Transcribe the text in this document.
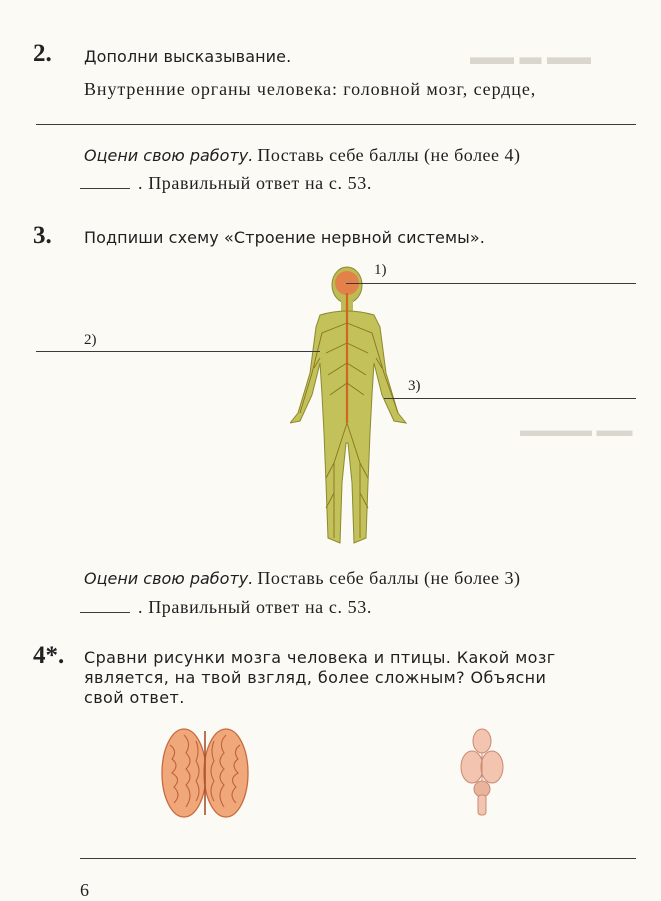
▬▬ ▬ ▬▬
▬▬▬▬ ▬▬
2. Дополни высказывание.
Внутренние органы человека: головной мозг, сердце,
Оцени свою работу. Поставь себе баллы (не более 4)
. Правильный ответ на с. 53.
3. Подпиши схему «Строение нервной системы».
1)
2)
3)
Оцени свою работу. Поставь себе баллы (не более 3)
. Правильный ответ на с. 53.
4*. Сравни рисунки мозга человека и птицы. Какой мозг
является, на твой взгляд, более сложным? Объясни
свой ответ.
6
